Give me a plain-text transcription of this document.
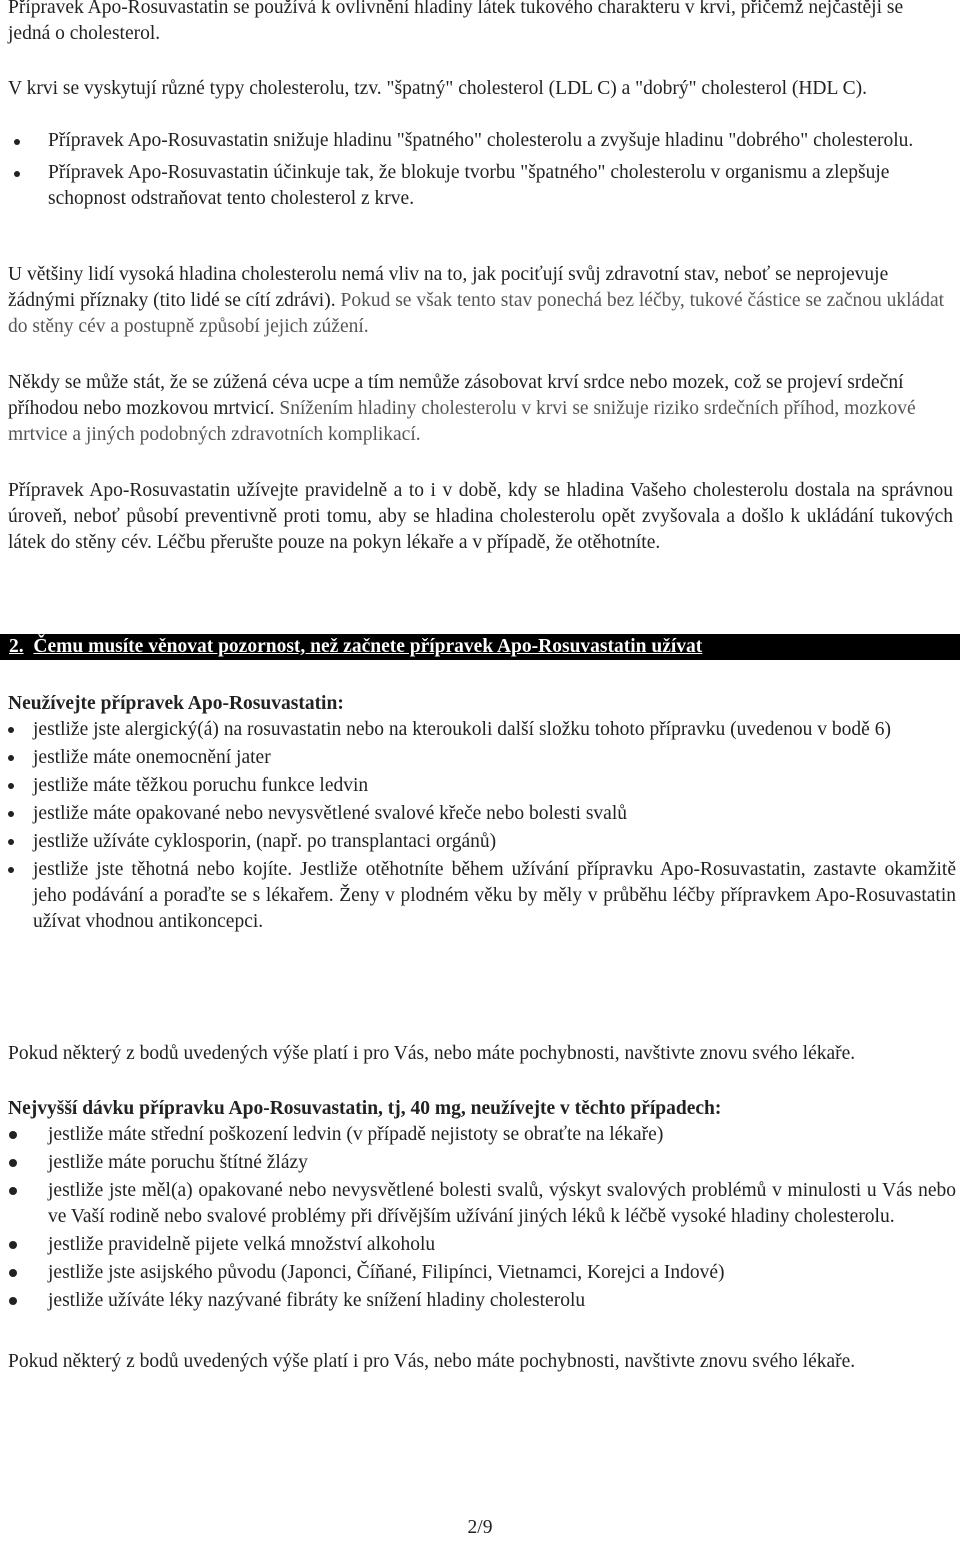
Přípravek Apo-Rosuvastatin se používá k ovlivnění hladiny látek tukového charakteru v krvi, přičemž nejčastěji se jedná o cholesterol.

V krvi se vyskytují různé typy cholesterolu, tzv. "špatný" cholesterol (LDL C) a "dobrý" cholesterol (HDL C).

Přípravek Apo-Rosuvastatin snižuje hladinu "špatného" cholesterolu a zvyšuje hladinu "dobrého" cholesterolu.
Přípravek Apo-Rosuvastatin účinkuje tak, že blokuje tvorbu "špatného" cholesterolu v organismu a zlepšuje schopnost odstraňovat tento cholesterol z krve.

U většiny lidí vysoká hladina cholesterolu nemá vliv na to, jak pociťují svůj zdravotní stav, neboť se neprojevuje žádnými příznaky (tito lidé se cítí zdrávi). Pokud se však tento stav ponechá bez léčby, tukové částice se začnou ukládat do stěny cév a postupně způsobí jejich zúžení.

Někdy se může stát, že se zúžená céva ucpe a tím nemůže zásobovat krví srdce nebo mozek, což se projeví srdeční příhodou nebo mozkovou mrtvicí. Snížením hladiny cholesterolu v krvi se snižuje riziko srdečních příhod, mozkové mrtvice a jiných podobných zdravotních komplikací.

Přípravek Apo-Rosuvastatin užívejte pravidelně a to i v době, kdy se hladina Vašeho cholesterolu dostala na správnou úroveň, neboť působí preventivně proti tomu, aby se hladina cholesterolu opět zvyšovala a došlo k ukládání tukových látek do stěny cév. Léčbu přerušte pouze na pokyn lékaře a v případě, že otěhotníte.

2. Čemu musíte věnovat pozornost, než začnete přípravek Apo-Rosuvastatin užívat

Neužívejte přípravek Apo-Rosuvastatin:

jestliže jste alergický(á) na rosuvastatin nebo na kteroukoli další složku tohoto přípravku (uvedenou v bodě 6)
jestliže máte onemocnění jater
jestliže máte těžkou poruchu funkce ledvin
jestliže máte opakované nebo nevysvětlené svalové křeče nebo bolesti svalů
jestliže užíváte cyklosporin, (např. po transplantaci orgánů)
jestliže jste těhotná nebo kojíte. Jestliže otěhotníte během užívání přípravku Apo-Rosuvastatin, zastavte okamžitě jeho podávání a poraďte se s lékařem. Ženy v plodném věku by měly v průběhu léčby přípravkem Apo-Rosuvastatin užívat vhodnou antikoncepci.

Pokud některý z bodů uvedených výše platí i pro Vás, nebo máte pochybnosti, navštivte znovu svého lékaře.

Nejvyšší dávku přípravku Apo-Rosuvastatin, tj, 40 mg, neužívejte v těchto případech:

jestliže máte střední poškození ledvin (v případě nejistoty se obraťte na lékaře)
jestliže máte poruchu štítné žlázy
jestliže jste měl(a) opakované nebo nevysvětlené bolesti svalů, výskyt svalových problémů v minulosti u Vás nebo ve Vaší rodině nebo svalové problémy při dřívějším užívání jiných léků k léčbě vysoké hladiny cholesterolu.
jestliže pravidelně pijete velká množství alkoholu
jestliže jste asijského původu (Japonci, Číňané, Filipínci, Vietnamci, Korejci a Indové)
jestliže užíváte léky nazývané fibráty ke snížení hladiny cholesterolu

Pokud některý z bodů uvedených výše platí i pro Vás, nebo máte pochybnosti, navštivte znovu svého lékaře.

2/9
